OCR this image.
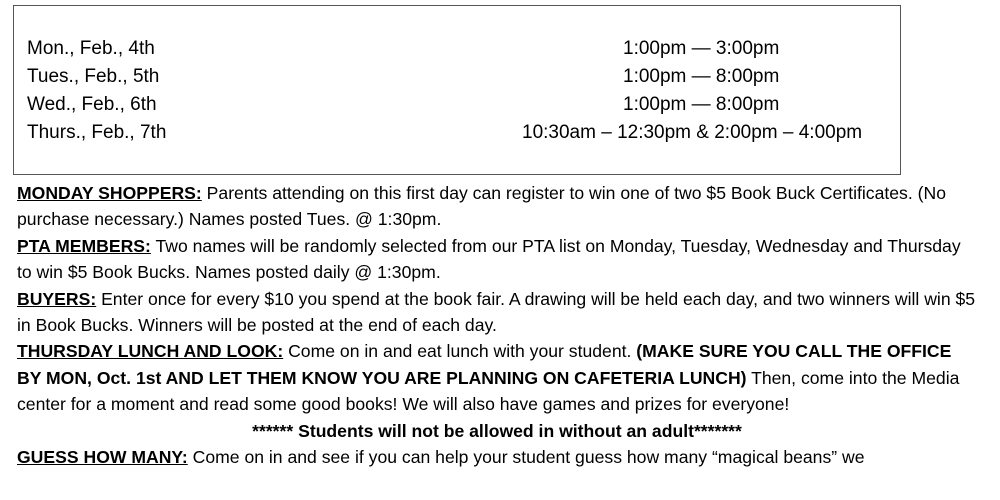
Mon., Feb., 4th	1:00pm — 3:00pm
Tues., Feb., 5th	1:00pm — 8:00pm
Wed., Feb., 6th	1:00pm — 8:00pm
Thurs., Feb., 7th	10:30am – 12:30pm & 2:00pm – 4:00pm

MONDAY SHOPPERS: Parents attending on this first day can register to win one of two $5 Book Buck Certificates. (No purchase necessary.) Names posted Tues. @ 1:30pm.

PTA MEMBERS: Two names will be randomly selected from our PTA list on Monday, Tuesday, Wednesday and Thursday to win $5 Book Bucks. Names posted daily @ 1:30pm.

BUYERS: Enter once for every $10 you spend at the book fair. A drawing will be held each day, and two winners will win $5 in Book Bucks. Winners will be posted at the end of each day.

THURSDAY LUNCH AND LOOK: Come on in and eat lunch with your student. (MAKE SURE YOU CALL THE OFFICE BY MON, Oct. 1st AND LET THEM KNOW YOU ARE PLANNING ON CAFETERIA LUNCH) Then, come into the Media center for a moment and read some good books! We will also have games and prizes for everyone!

****** Students will not be allowed in without an adult*******

GUESS HOW MANY: Come on in and see if you can help your student guess how many “magical beans” we
